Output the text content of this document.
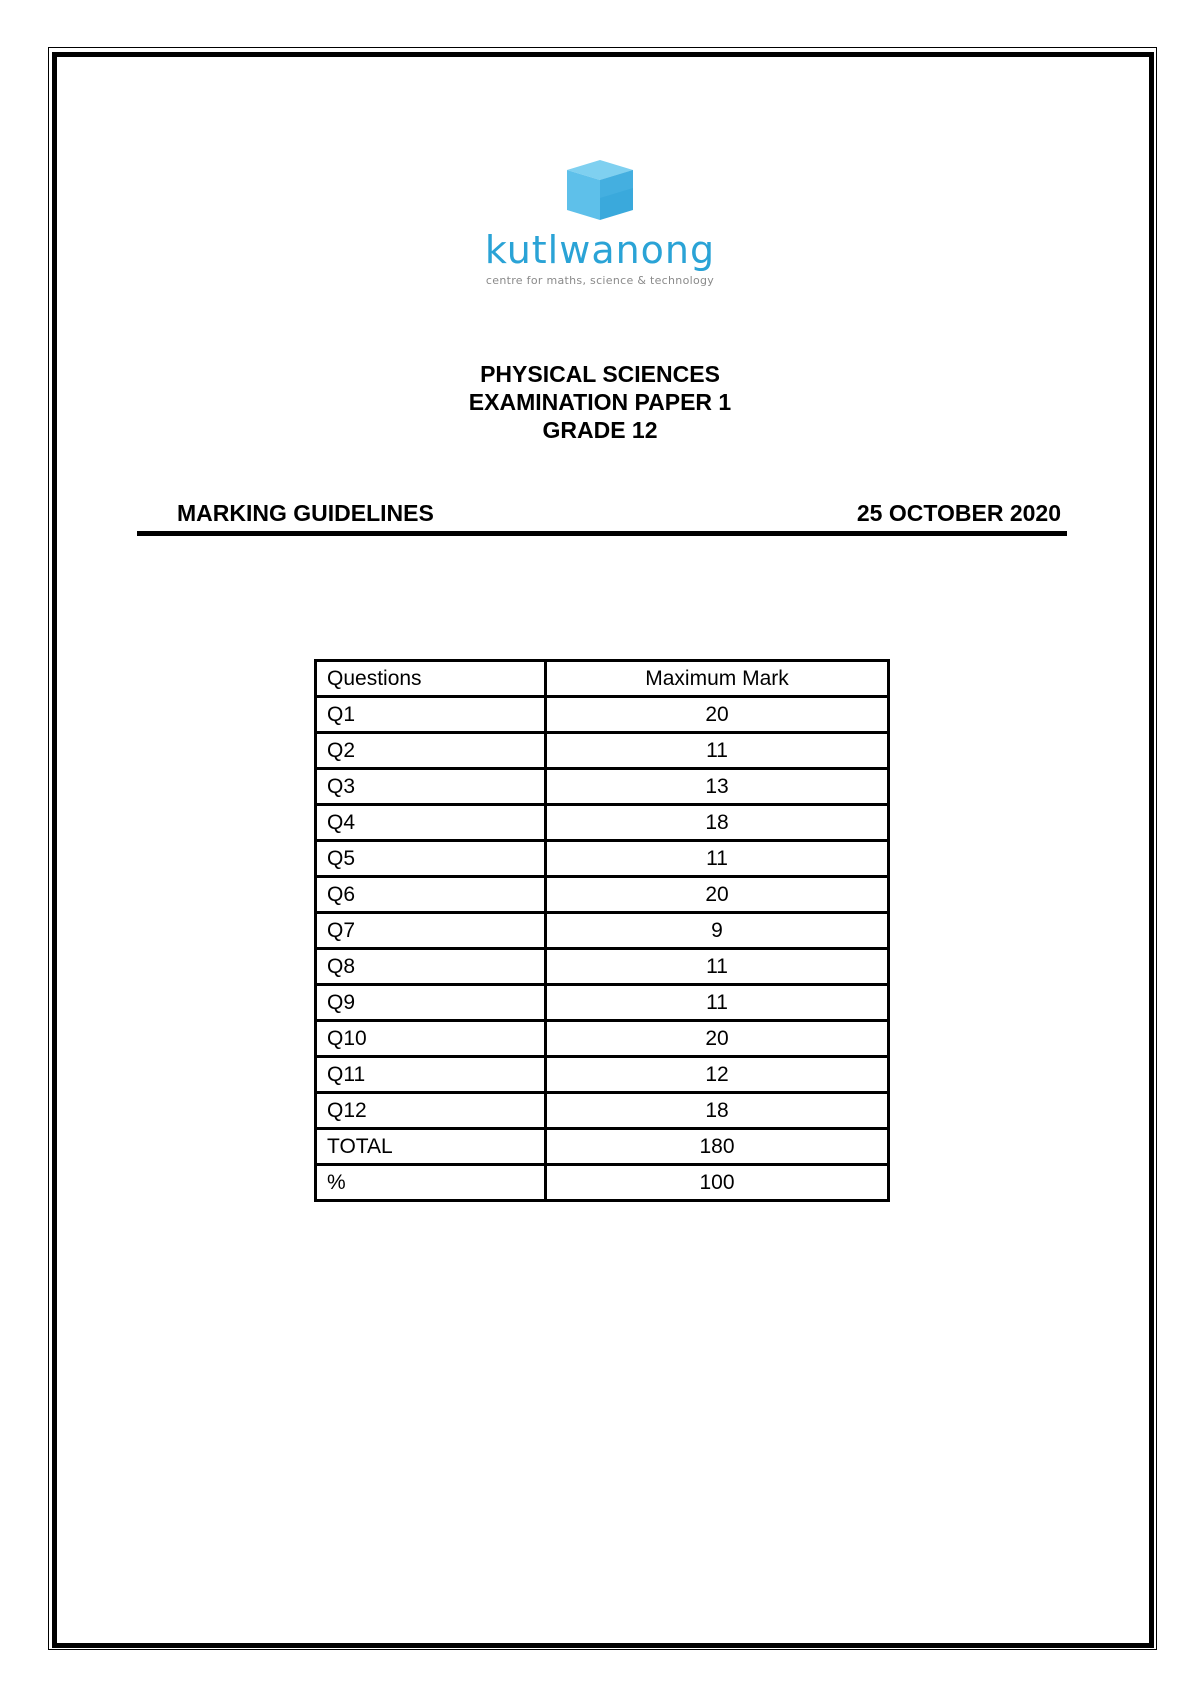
kutlwanong
centre for maths, science & technology
PHYSICAL SCIENCES
EXAMINATION PAPER 1
GRADE 12
MARKING GUIDELINES	25 OCTOBER 2020
Questions	Maximum Mark
Q1	20
Q2	11
Q3	13
Q4	18
Q5	11
Q6	20
Q7	9
Q8	11
Q9	11
Q10	20
Q11	12
Q12	18
TOTAL	180
%	100
